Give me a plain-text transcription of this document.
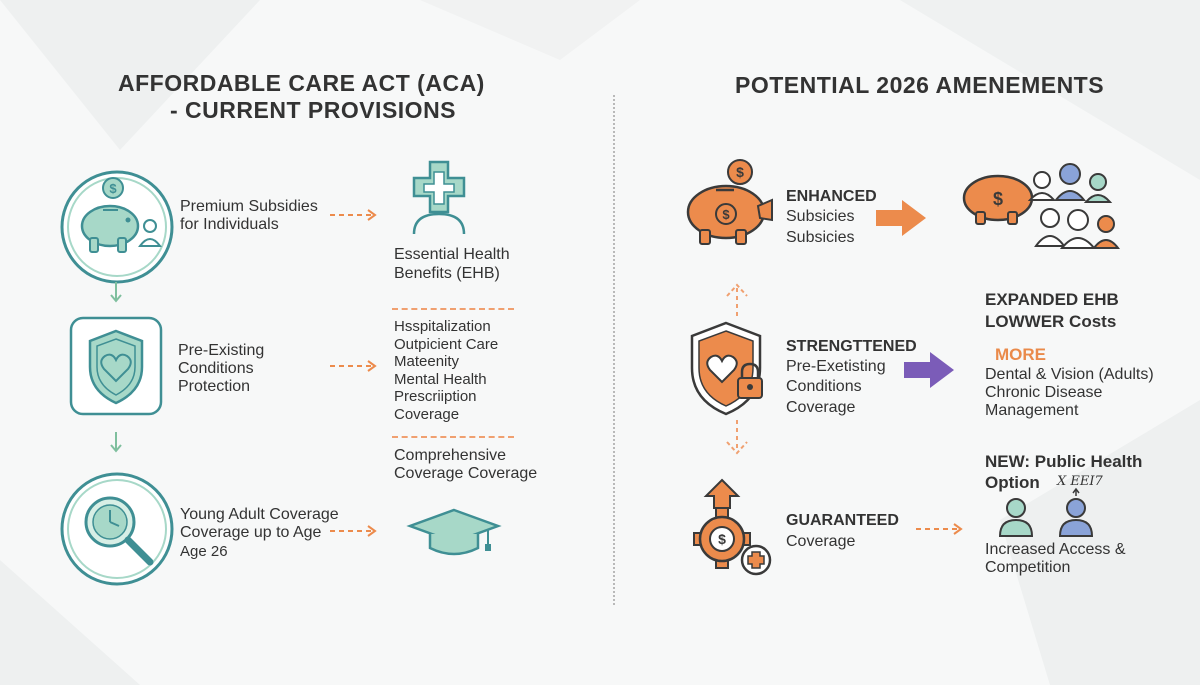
AFFORDABLE CARE ACT (ACA)
- CURRENT PROVISIONS
$
Premium Subsidies
for Individuals
Pre-Existing
Conditions
Protection
Young Adult Coverage
Coverage up to Age
Age 26
Essential Health
Benefits (EHB)
Hsspitalization
Outpicient Care
Mateenity
Mental Health
Prescriiption
Coverage
Comprehensive
Coverage Coverage
POTENTIAL 2026 AMENEMENTS
$
$
ENHANCED
Subsicies
Subsicies
$
STRENGTTENED
Pre-Exetisting
Conditions
Coverage
EXPANDED EHB
LOWWER Costs
MORE
Dental & Vision (Adults)
Chronic Disease
Management
$
GUARANTEED
Coverage
NEW: Public Health
Option X EEI7
Increased Access &
Competition
